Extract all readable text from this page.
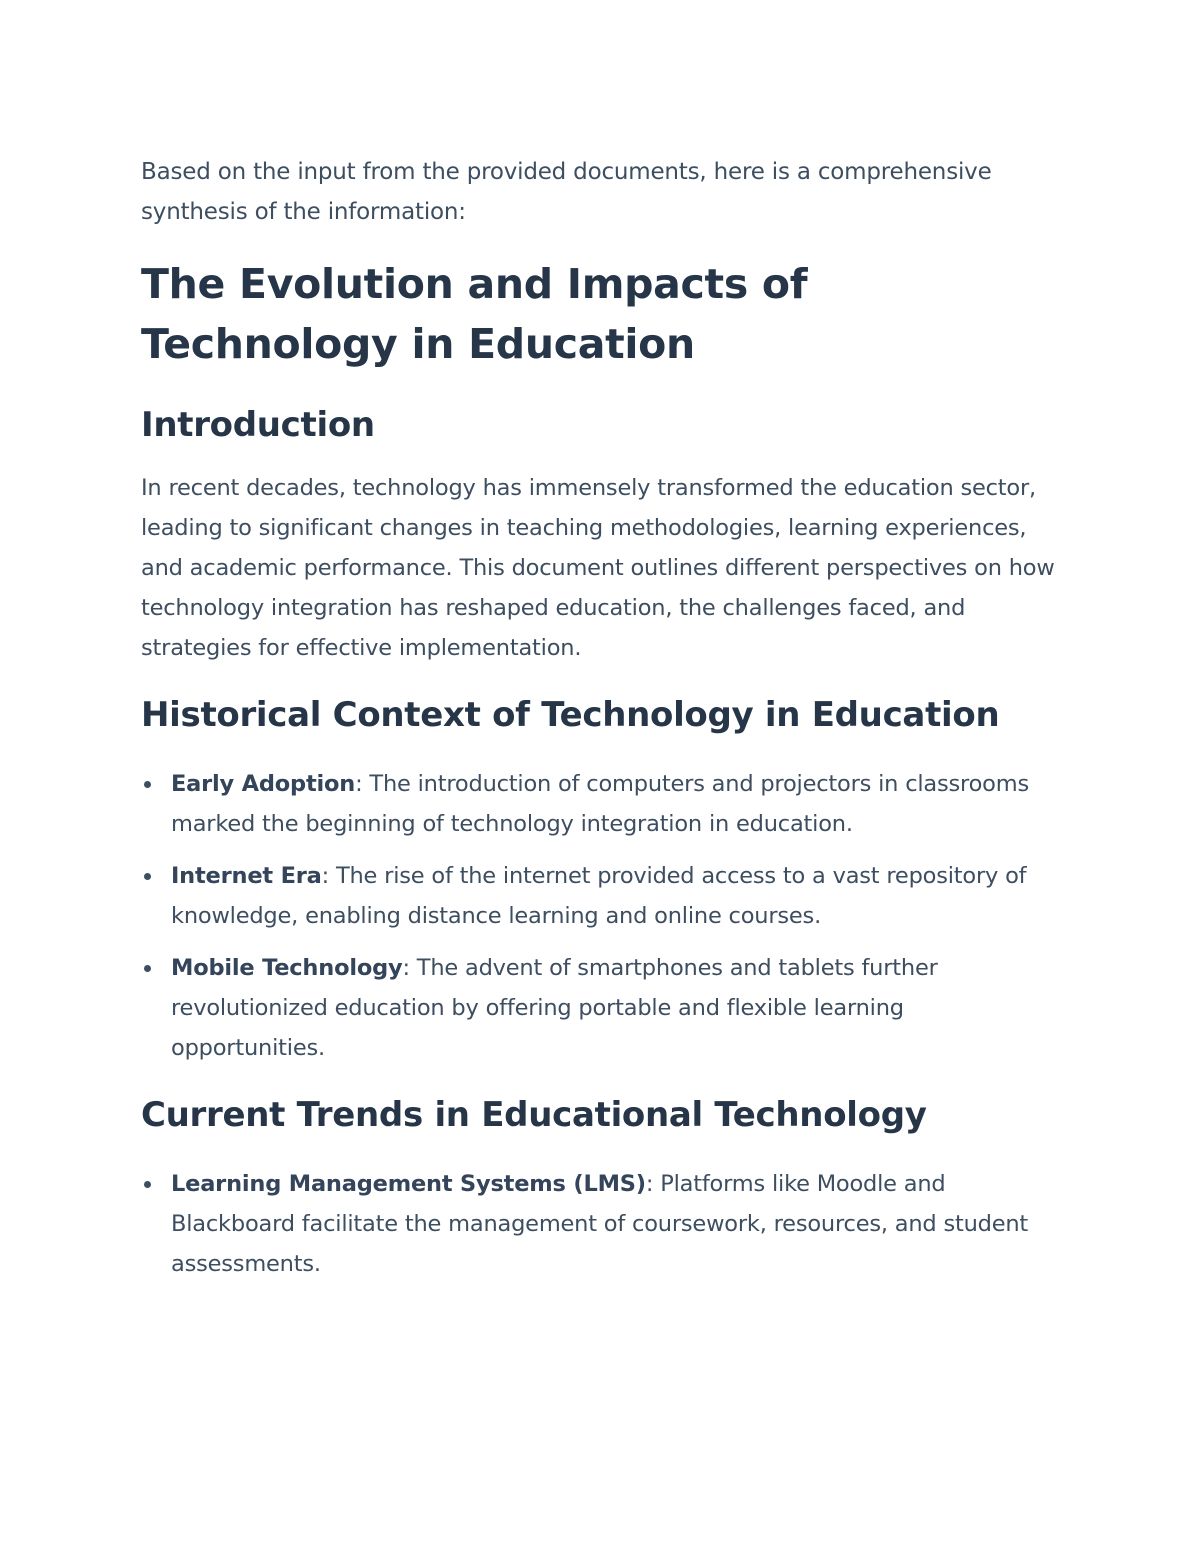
Based on the input from the provided documents, here is a comprehensive synthesis of the information:

The Evolution and Impacts of Technology in Education
Introduction

In recent decades, technology has immensely transformed the education sector, leading to significant changes in teaching methodologies, learning experiences, and academic performance. This document outlines different perspectives on how technology integration has reshaped education, the challenges faced, and strategies for effective implementation.

Historical Context of Technology in Education
Early Adoption: The introduction of computers and projectors in classrooms marked the beginning of technology integration in education.
Internet Era: The rise of the internet provided access to a vast repository of knowledge, enabling distance learning and online courses.
Mobile Technology: The advent of smartphones and tablets further revolutionized education by offering portable and flexible learning opportunities.
Current Trends in Educational Technology
Learning Management Systems (LMS): Platforms like Moodle and Blackboard facilitate the management of coursework, resources, and student assessments.
